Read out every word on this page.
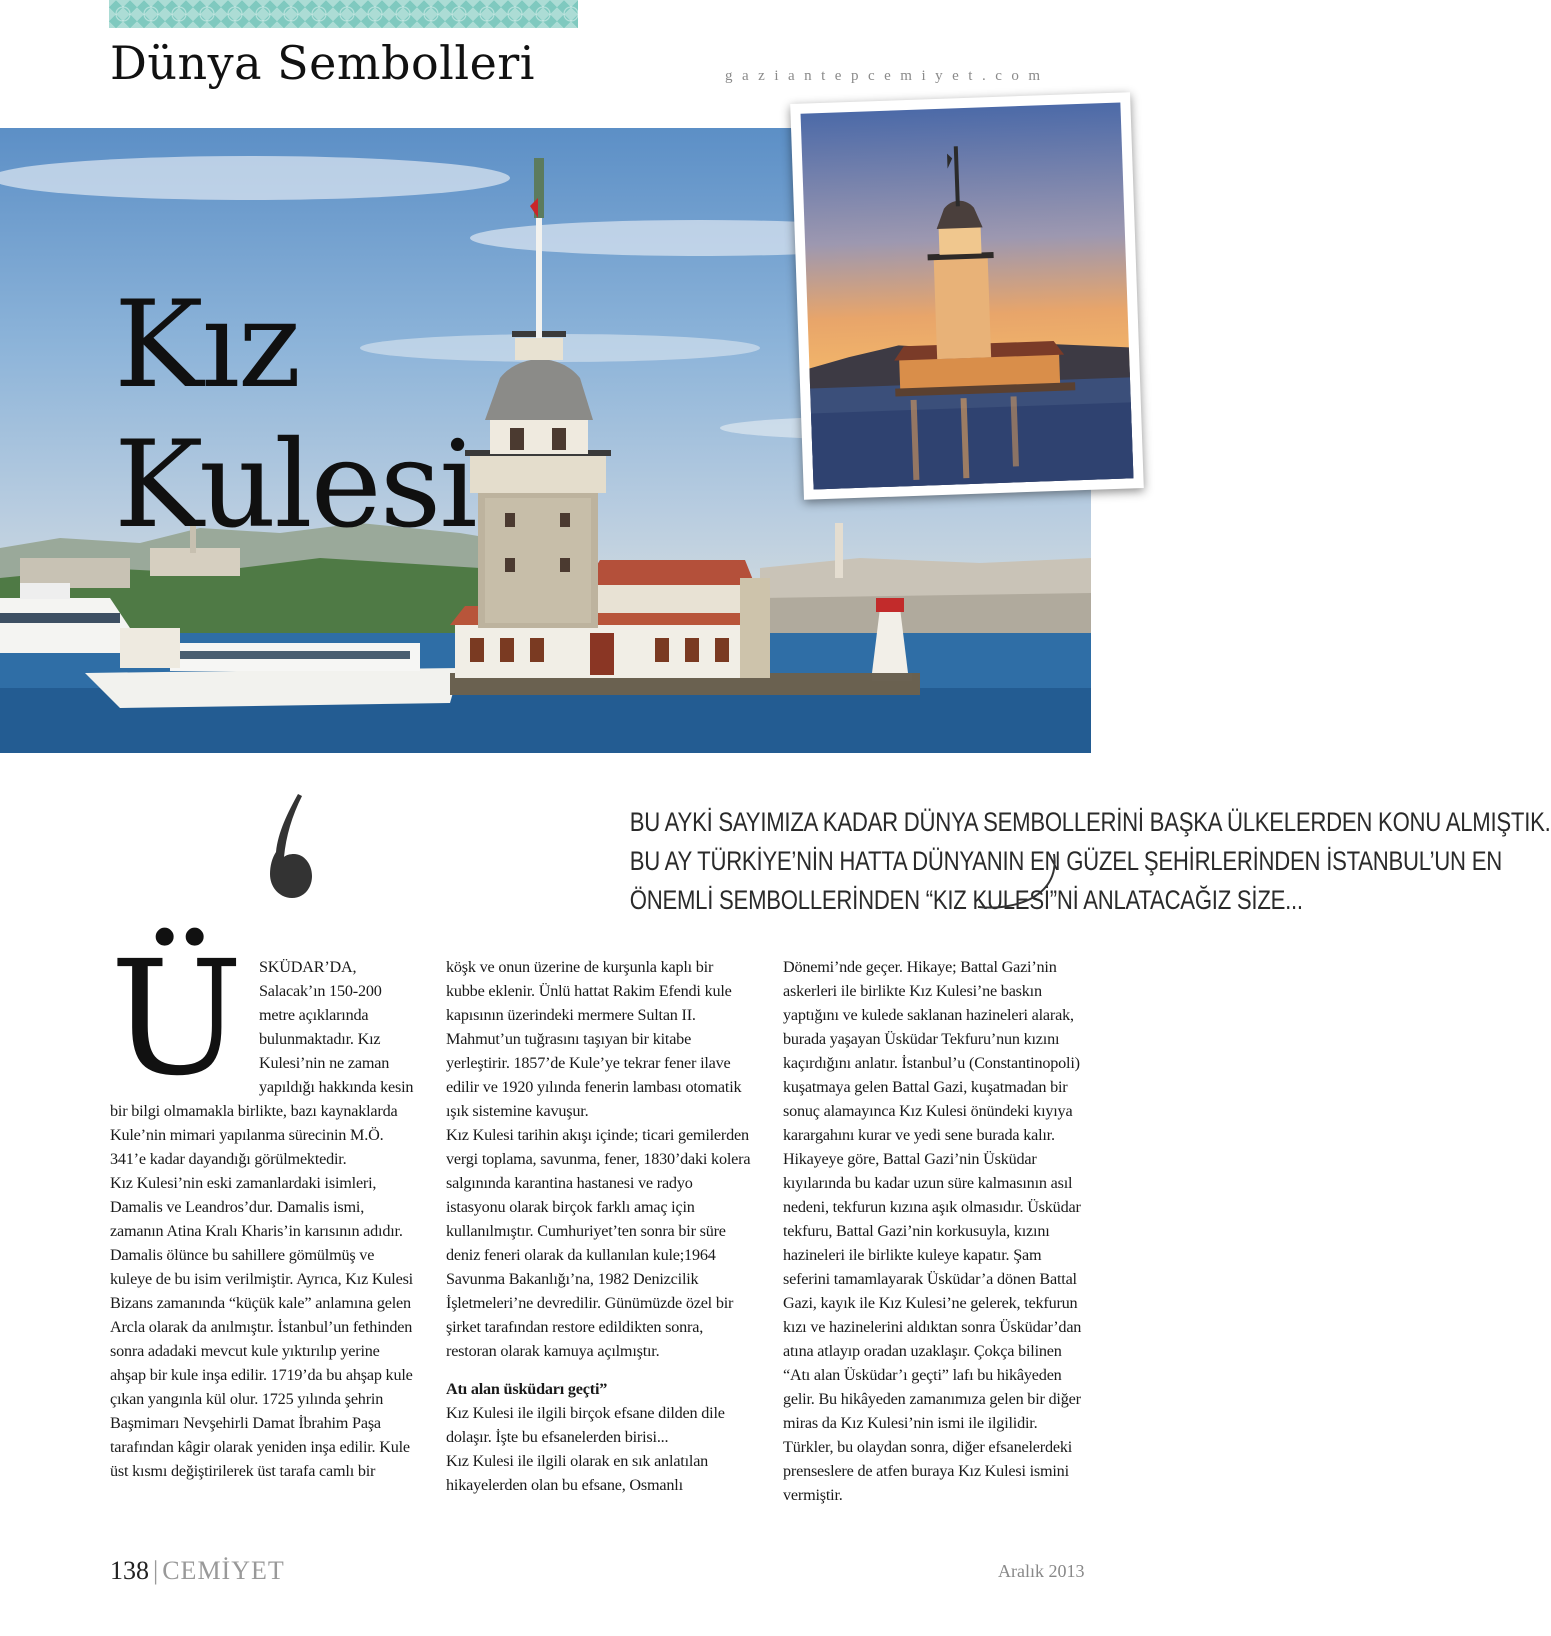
Dünya Sembolleri	gaziantepcemiyet.com
Kız
Kulesi
BU AYKİ SAYIMIZA KADAR DÜNYA SEMBOLLERİNİ BAŞKA ÜLKELERDEN KONU ALMIŞTIK.
BU AY TÜRKİYE’NİN HATTA DÜNYANIN EN GÜZEL ŞEHİRLERİNDEN İSTANBUL’UN EN
ÖNEMLİ SEMBOLLERİNDEN “KIZ KULESİ”Nİ ANLATACAĞIZ SİZE...
Ü SKÜDAR’DA,
Salacak’ın 150-200 metre açıklarında bulunmaktadır. Kız Kulesi’nin ne zaman yapıldığı hakkında kesin bir bilgi olmamakla birlikte, bazı kaynaklarda Kule’nin mimari yapılanma sürecinin M.Ö. 341’e kadar dayandığı görülmektedir.

Kız Kulesi’nin eski zamanlardaki isimleri, Damalis ve Leandros’dur. Damalis ismi, zamanın Atina Kralı Kharis’in karısının adıdır. Damalis ölünce bu sahillere gömülmüş ve kuleye de bu isim verilmiştir. Ayrıca, Kız Kulesi Bizans zamanında “küçük kale” anlamına gelen Arcla olarak da anılmıştır. İstanbul’un fethinden sonra adadaki mevcut kule yıktırılıp yerine ahşap bir kule inşa edilir. 1719’da bu ahşap kule çıkan yangınla kül olur. 1725 yılında şehrin Başmimarı Nevşehirli Damat İbrahim Paşa tarafından kâgir olarak yeniden inşa edilir. Kule üst kısmı değiştirilerek üst tarafa camlı bir

köşk ve onun üzerine de kurşunla kaplı bir kubbe eklenir. Ünlü hattat Rakim Efendi kule kapısının üzerindeki mermere Sultan II. Mahmut’un tuğrasını taşıyan bir kitabe yerleştirir. 1857’de Kule’ye tekrar fener ilave edilir ve 1920 yılında fenerin lambası otomatik ışık sistemine kavuşur.

Kız Kulesi tarihin akışı içinde; ticari gemilerden vergi toplama, savunma, fener, 1830’daki kolera salgınında karantina hastanesi ve radyo istasyonu olarak birçok farklı amaç için kullanılmıştır. Cumhuriyet’ten sonra bir süre deniz feneri olarak da kullanılan kule;1964 Savunma Bakanlığı’na, 1982 Denizcilik İşletmeleri’ne devredilir. Günümüzde özel bir şirket tarafından restore edildikten sonra, restoran olarak kamuya açılmıştır.

Atı alan üsküdarı geçti”

Kız Kulesi ile ilgili birçok efsane dilden dile dolaşır. İşte bu efsanelerden birisi...

Kız Kulesi ile ilgili olarak en sık anlatılan hikayelerden olan bu efsane, Osmanlı

Dönemi’nde geçer. Hikaye; Battal Gazi’nin askerleri ile birlikte Kız Kulesi’ne baskın yaptığını ve kulede saklanan hazineleri alarak, burada yaşayan Üsküdar Tekfuru’nun kızını kaçırdığını anlatır. İstanbul’u (Constantinopoli) kuşatmaya gelen Battal Gazi, kuşatmadan bir sonuç alamayınca Kız Kulesi önündeki kıyıya karargahını kurar ve yedi sene burada kalır. Hikayeye göre, Battal Gazi’nin Üsküdar kıyılarında bu kadar uzun süre kalmasının asıl nedeni, tekfurun kızına aşık olmasıdır. Üsküdar tekfuru, Battal Gazi’nin korkusuyla, kızını hazineleri ile birlikte kuleye kapatır. Şam seferini tamamlayarak Üsküdar’a dönen Battal Gazi, kayık ile Kız Kulesi’ne gelerek, tekfurun kızı ve hazinelerini aldıktan sonra Üsküdar’dan atına atlayıp oradan uzaklaşır. Çokça bilinen “Atı alan Üsküdar’ı geçti” lafı bu hikâyeden gelir. Bu hikâyeden zamanımıza gelen bir diğer miras da Kız Kulesi’nin ismi ile ilgilidir. Türkler, bu olaydan sonra, diğer efsanelerdeki prenseslere de atfen buraya Kız Kulesi ismini vermiştir.

138 | CEMİYET	Aralık 2013
